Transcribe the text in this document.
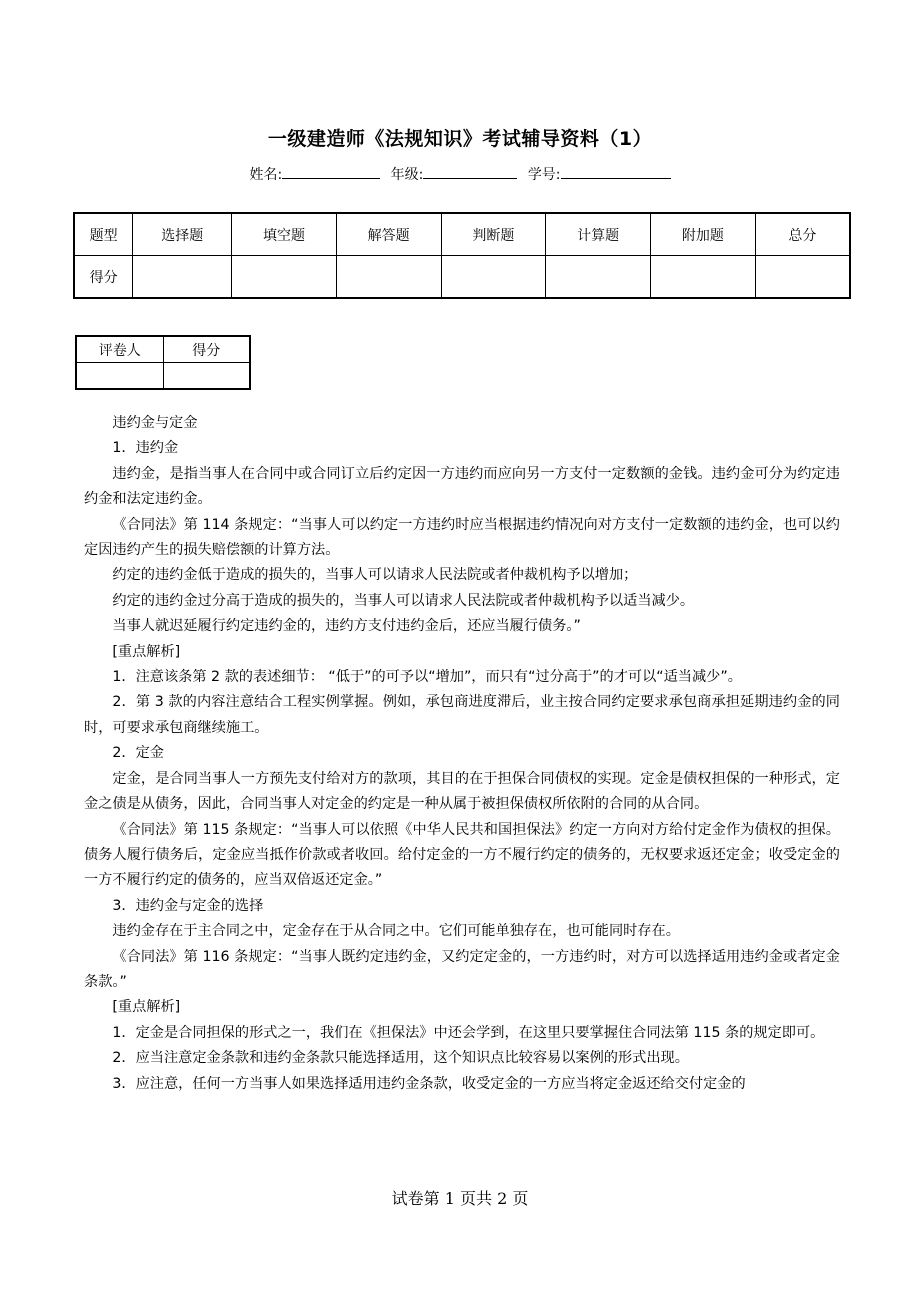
一级建造师《法规知识》考试辅导资料（1）
姓名:	年级:	学号:
题型	选择题	填空题	解答题	判断题	计算题	附加题	总分
得分							
评卷人	得分

违约金与定金

1．违约金

违约金，是指当事人在合同中或合同订立后约定因一方违约而应向另一方支付一定数额的金钱。违约金可分为约定违约金和法定违约金。

《合同法》第 114 条规定：“当事人可以约定一方违约时应当根据违约情况向对方支付一定数额的违约金，也可以约定因违约产生的损失赔偿额的计算方法。

约定的违约金低于造成的损失的，当事人可以请求人民法院或者仲裁机构予以增加；

约定的违约金过分高于造成的损失的，当事人可以请求人民法院或者仲裁机构予以适当减少。

当事人就迟延履行约定违约金的，违约方支付违约金后，还应当履行债务。”

[重点解析]

1．注意该条第 2 款的表述细节： “低于”的可予以“增加”，而只有“过分高于”的才可以“适当减少”。

2．第 3 款的内容注意结合工程实例掌握。例如，承包商进度滞后，业主按合同约定要求承包商承担延期违约金的同时，可要求承包商继续施工。

2．定金

定金，是合同当事人一方预先支付给对方的款项，其目的在于担保合同债权的实现。定金是债权担保的一种形式，定金之债是从债务，因此，合同当事人对定金的约定是一种从属于被担保债权所依附的合同的从合同。

《合同法》第 115 条规定：“当事人可以依照《中华人民共和国担保法》约定一方向对方给付定金作为债权的担保。债务人履行债务后，定金应当抵作价款或者收回。给付定金的一方不履行约定的债务的，无权要求返还定金；收受定金的一方不履行约定的债务的，应当双倍返还定金。”

3．违约金与定金的选择

违约金存在于主合同之中，定金存在于从合同之中。它们可能单独存在，也可能同时存在。

《合同法》第 116 条规定：“当事人既约定违约金，又约定定金的，一方违约时，对方可以选择适用违约金或者定金条款。”

[重点解析]

1．定金是合同担保的形式之一，我们在《担保法》中还会学到，在这里只要掌握住合同法第 115 条的规定即可。

2．应当注意定金条款和违约金条款只能选择适用，这个知识点比较容易以案例的形式出现。

3．应注意，任何一方当事人如果选择适用违约金条款，收受定金的一方应当将定金返还给交付定金的

试卷第 1 页共 2 页
